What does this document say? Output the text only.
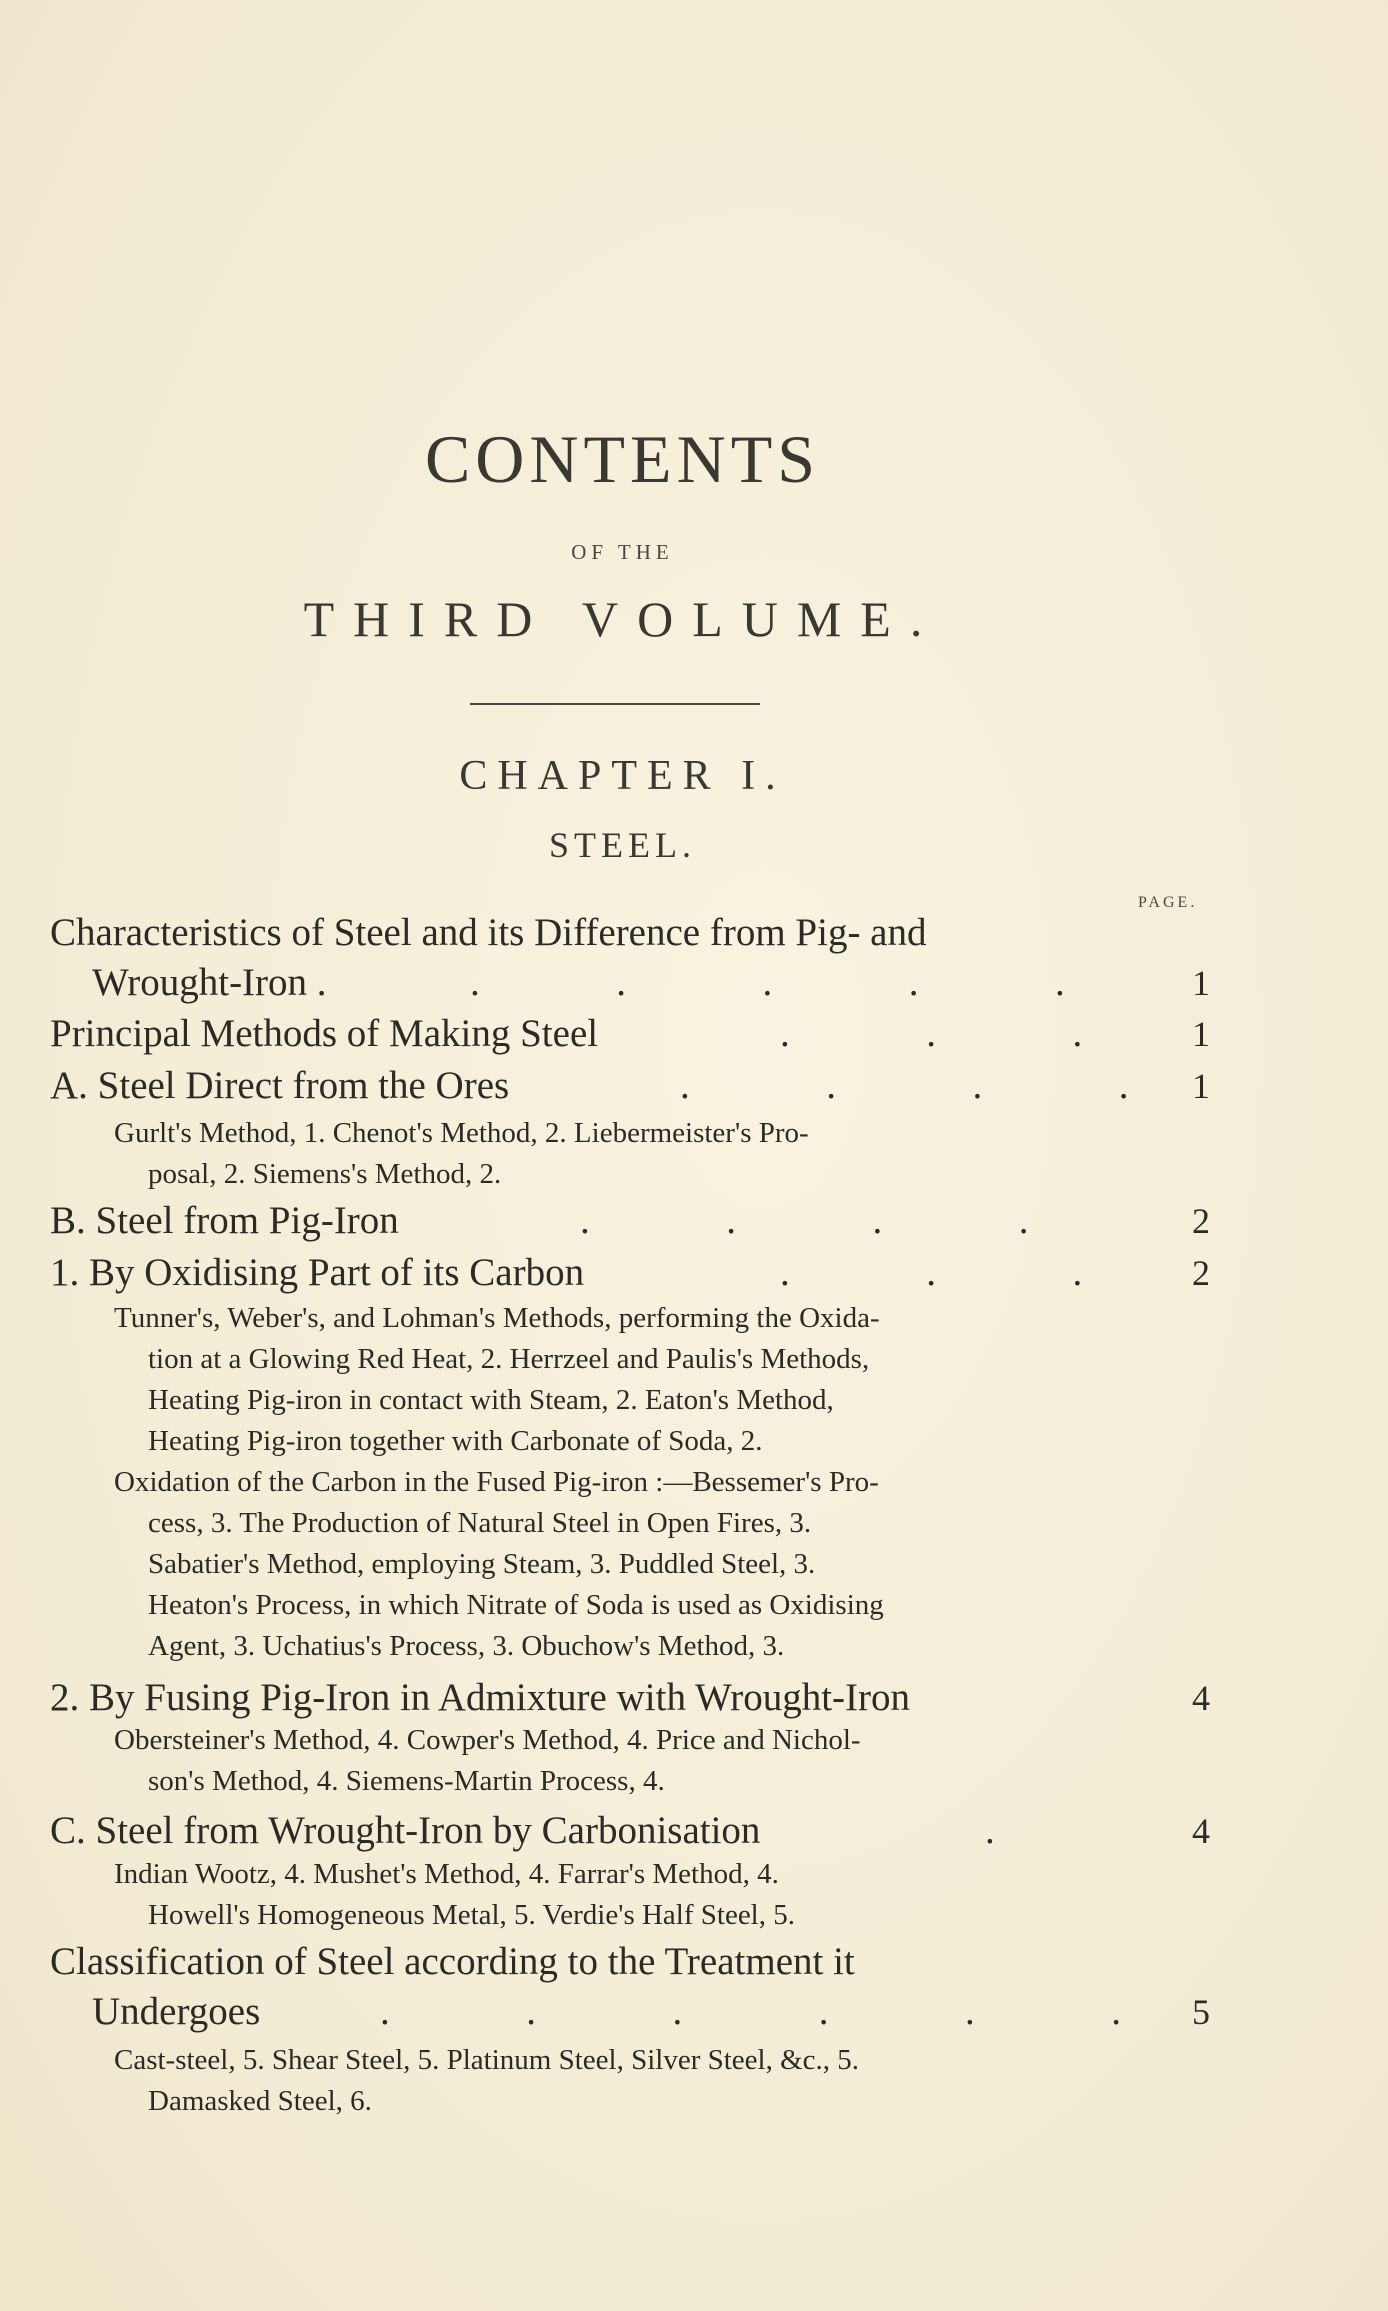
CONTENTS
OF THE
THIRD VOLUME.
CHAPTER I.
STEEL.
PAGE.
Characteristics of Steel and its Difference from Pig- and
Wrought-Iron . .	1
Principal Methods of Making Steel .	1
A. Steel Direct from the Ores .	1
Gurlt's Method, 1. Chenot's Method, 2. Liebermeister's Pro-
posal, 2. Siemens's Method, 2.
B. Steel from Pig-Iron .	2
1. By Oxidising Part of its Carbon .	2
Tunner's, Weber's, and Lohman's Methods, performing the Oxida-
tion at a Glowing Red Heat, 2. Herrzeel and Paulis's Methods,
Heating Pig-iron in contact with Steam, 2. Eaton's Method,
Heating Pig-iron together with Carbonate of Soda, 2.
Oxidation of the Carbon in the Fused Pig-iron :—Bessemer's Pro-
cess, 3. The Production of Natural Steel in Open Fires, 3.
Sabatier's Method, employing Steam, 3. Puddled Steel, 3.
Heaton's Process, in which Nitrate of Soda is used as Oxidising
Agent, 3. Uchatius's Process, 3. Obuchow's Method, 3.
2. By Fusing Pig-Iron in Admixture with Wrought-Iron	4
Obersteiner's Method, 4. Cowper's Method, 4. Price and Nichol-
son's Method, 4. Siemens-Martin Process, 4.
C. Steel from Wrought-Iron by Carbonisation .	4
Indian Wootz, 4. Mushet's Method, 4. Farrar's Method, 4.
Howell's Homogeneous Metal, 5. Verdie's Half Steel, 5.
Classification of Steel according to the Treatment it
Undergoes .	5
Cast-steel, 5. Shear Steel, 5. Platinum Steel, Silver Steel, &c., 5.
Damasked Steel, 6.
